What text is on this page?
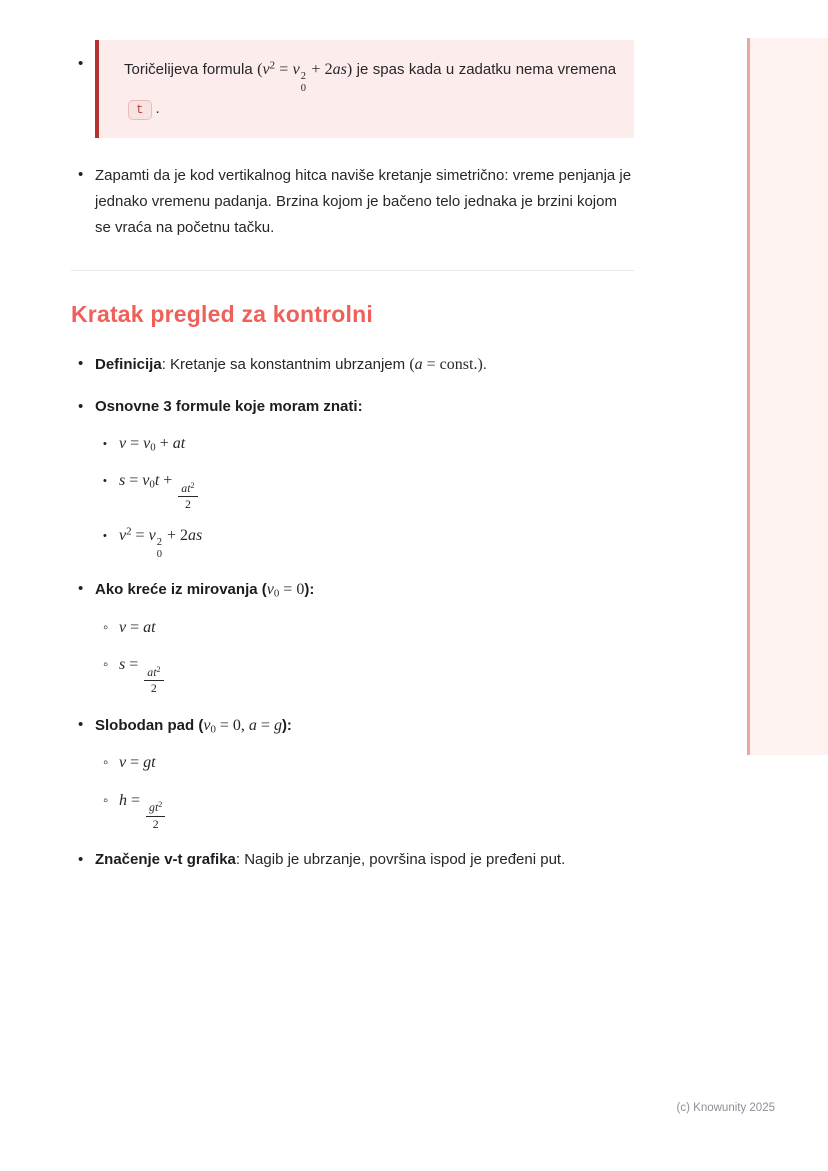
•	Toričelijeva formula ($v^2 = v$ 2
0
+ 2as) je spas kada u zadatku nema vremena t .

• Zapamti da je kod vertikalnog hitca naviše kretanje simetrično: vreme penjanja je jednako vremenu padanja. Brzina kojom je bačeno telo jednaka je brzini kojom se vraća na početnu tačku.
Kratak pregled za kontrolni
• Definicija: Kretanje sa konstantnim ubrzanjem (a = const.).
• Osnovne 3 formule koje moram znati:
• $v = v_0$ + at
• $s = v_0t$ +
$\frac{at^2}{2}$
• $v^2 = v$ 2
0
+ 2as
• Ako kreće iz mirovanja $(v_0 = 0)$:
◦ v = at
◦ s =
$\frac{at^2}{2}$
• Slobodan pad ($v_0 = 0$, a = g):
◦ v = gt
◦ h =
$\frac{gt^2}{2}$
• Značenje v-t grafika: Nagib je ubrzanje, površina ispod je pređeni put.
(c) Knowunity 2025
